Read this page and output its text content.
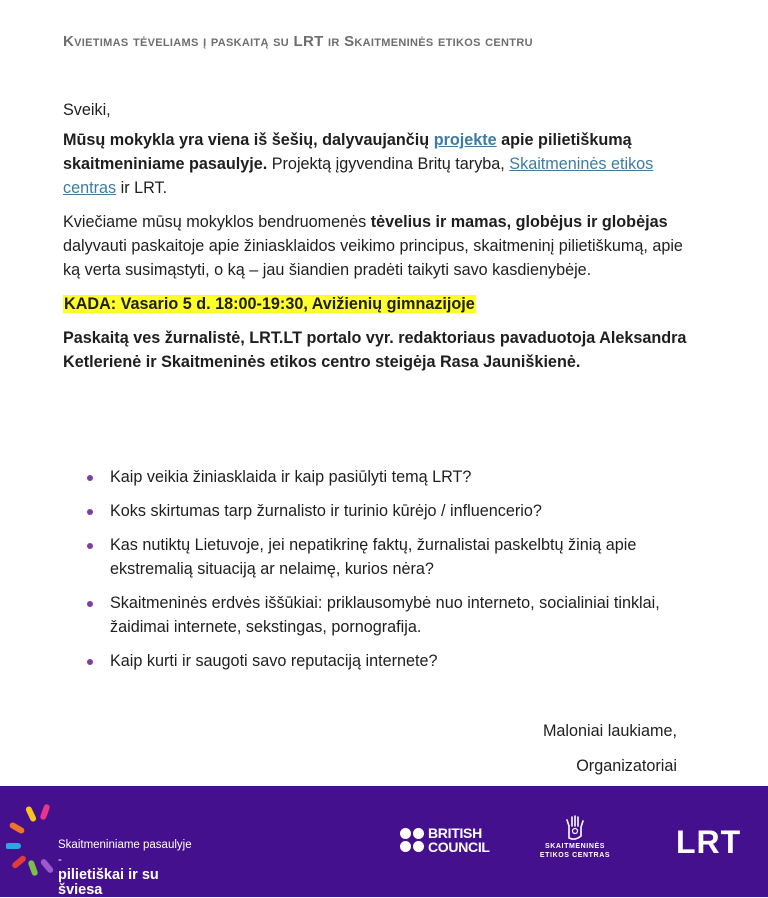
Kvietimas tėveliams į paskaitą su LRT ir Skaitmeninės etikos centru

Sveiki,

Mūsų mokykla yra viena iš šešių, dalyvaujančių projekte apie pilietiškumą skaitmeniniame pasaulyje. Projektą įgyvendina Britų taryba, Skaitmeninės etikos centras ir LRT.

Kviečiame mūsų mokyklos bendruomenės tėvelius ir mamas, globėjus ir globėjas dalyvauti paskaitoje apie žiniasklaidos veikimo principus, skaitmeninį pilietiškumą, apie ką verta susimąstyti, o ką – jau šiandien pradėti taikyti savo kasdienybėje.

KADA: Vasario 5 d. 18:00-19:30, Avižienių gimnazijoje

Paskaitą ves žurnalistė, LRT.LT portalo vyr. redaktoriaus pavaduotoja Aleksandra Ketlerienė ir Skaitmeninės etikos centro steigėja Rasa Jauniškienė.

Kaip veikia žiniasklaida ir kaip pasiūlyti temą LRT?
Koks skirtumas tarp žurnalisto ir turinio kūrėjo / influencerio?
Kas nutiktų Lietuvoje, jei nepatikrinę faktų, žurnalistai paskelbtų žinią apie ekstremalią situaciją ar nelaimę, kurios nėra?
Skaitmeninės erdvės iššūkiai: priklausomybė nuo interneto, socialiniai tinklai, žaidimai internete, sekstingas, pornografija.
Kaip kurti ir saugoti savo reputaciją internete?
Maloniai laukiame,
Organizatoriai
Skaitmeniniame pasaulyje -
pilietiškai ir su šviesa
BRITISH
COUNCIL	SKAITMENINĖS
ETIKOS CENTRAS	LRT
